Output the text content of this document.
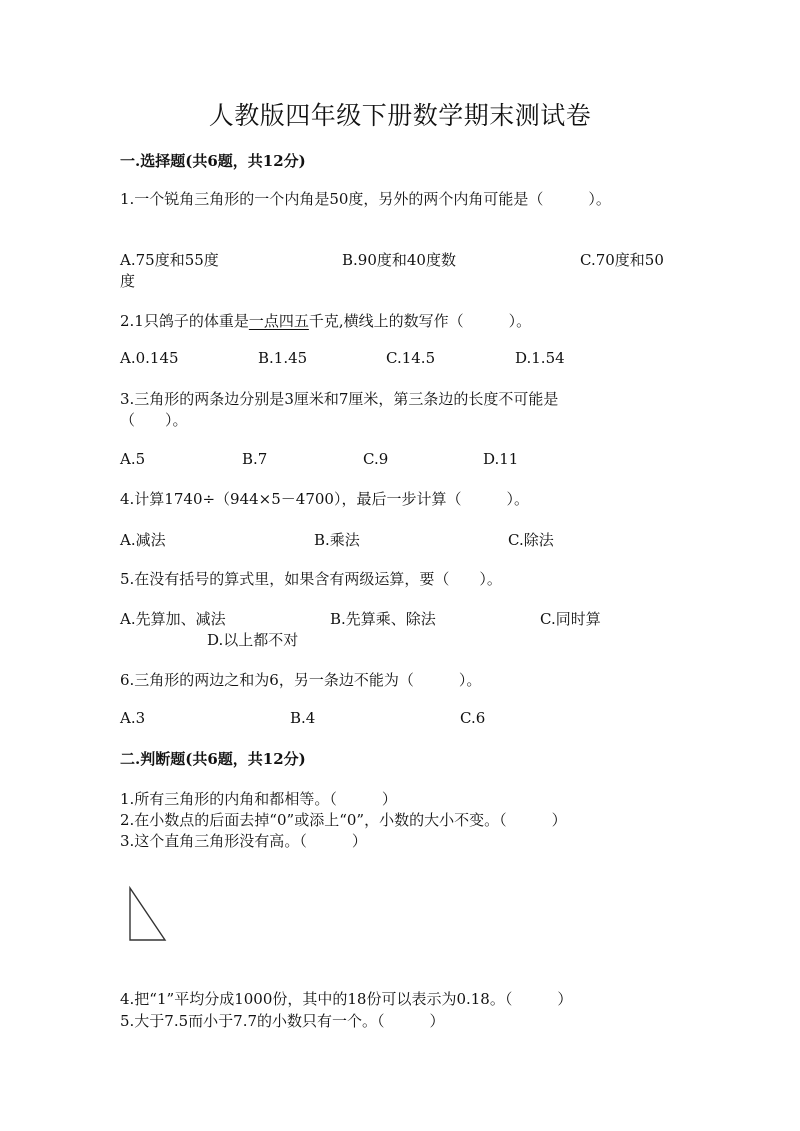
人教版四年级下册数学期末测试卷
一.选择题(共6题，共12分)
1.一个锐角三角形的一个内角是50度，另外的两个内角可能是（　　　）。
A.75度和55度	B.90度和40度数	C.70度和50
度
2.1只鸽子的体重是一点四五千克,横线上的数写作（　　　）。
A.0.145	B.1.45	C.14.5	D.1.54
3.三角形的两条边分别是3厘米和7厘米，第三条边的长度不可能是
（　　）。
A.5	B.7	C.9	D.11
4.计算1740÷（944×5－4700），最后一步计算（　　　）。
A.减法	B.乘法	C.除法
5.在没有括号的算式里，如果含有两级运算，要（　　）。
A.先算加、减法	B.先算乘、除法	C.同时算
D.以上都不对
6.三角形的两边之和为6，另一条边不能为（　　　）。
A.3	B.4	C.6
二.判断题(共6题，共12分)
1.所有三角形的内角和都相等。（　　　）
2.在小数点的后面去掉“0”或添上“0”，小数的大小不变。（　　　）
3.这个直角三角形没有高。（　　　）
4.把“1”平均分成1000份，其中的18份可以表示为0.18。（　　　）
5.大于7.5而小于7.7的小数只有一个。（　　　）
